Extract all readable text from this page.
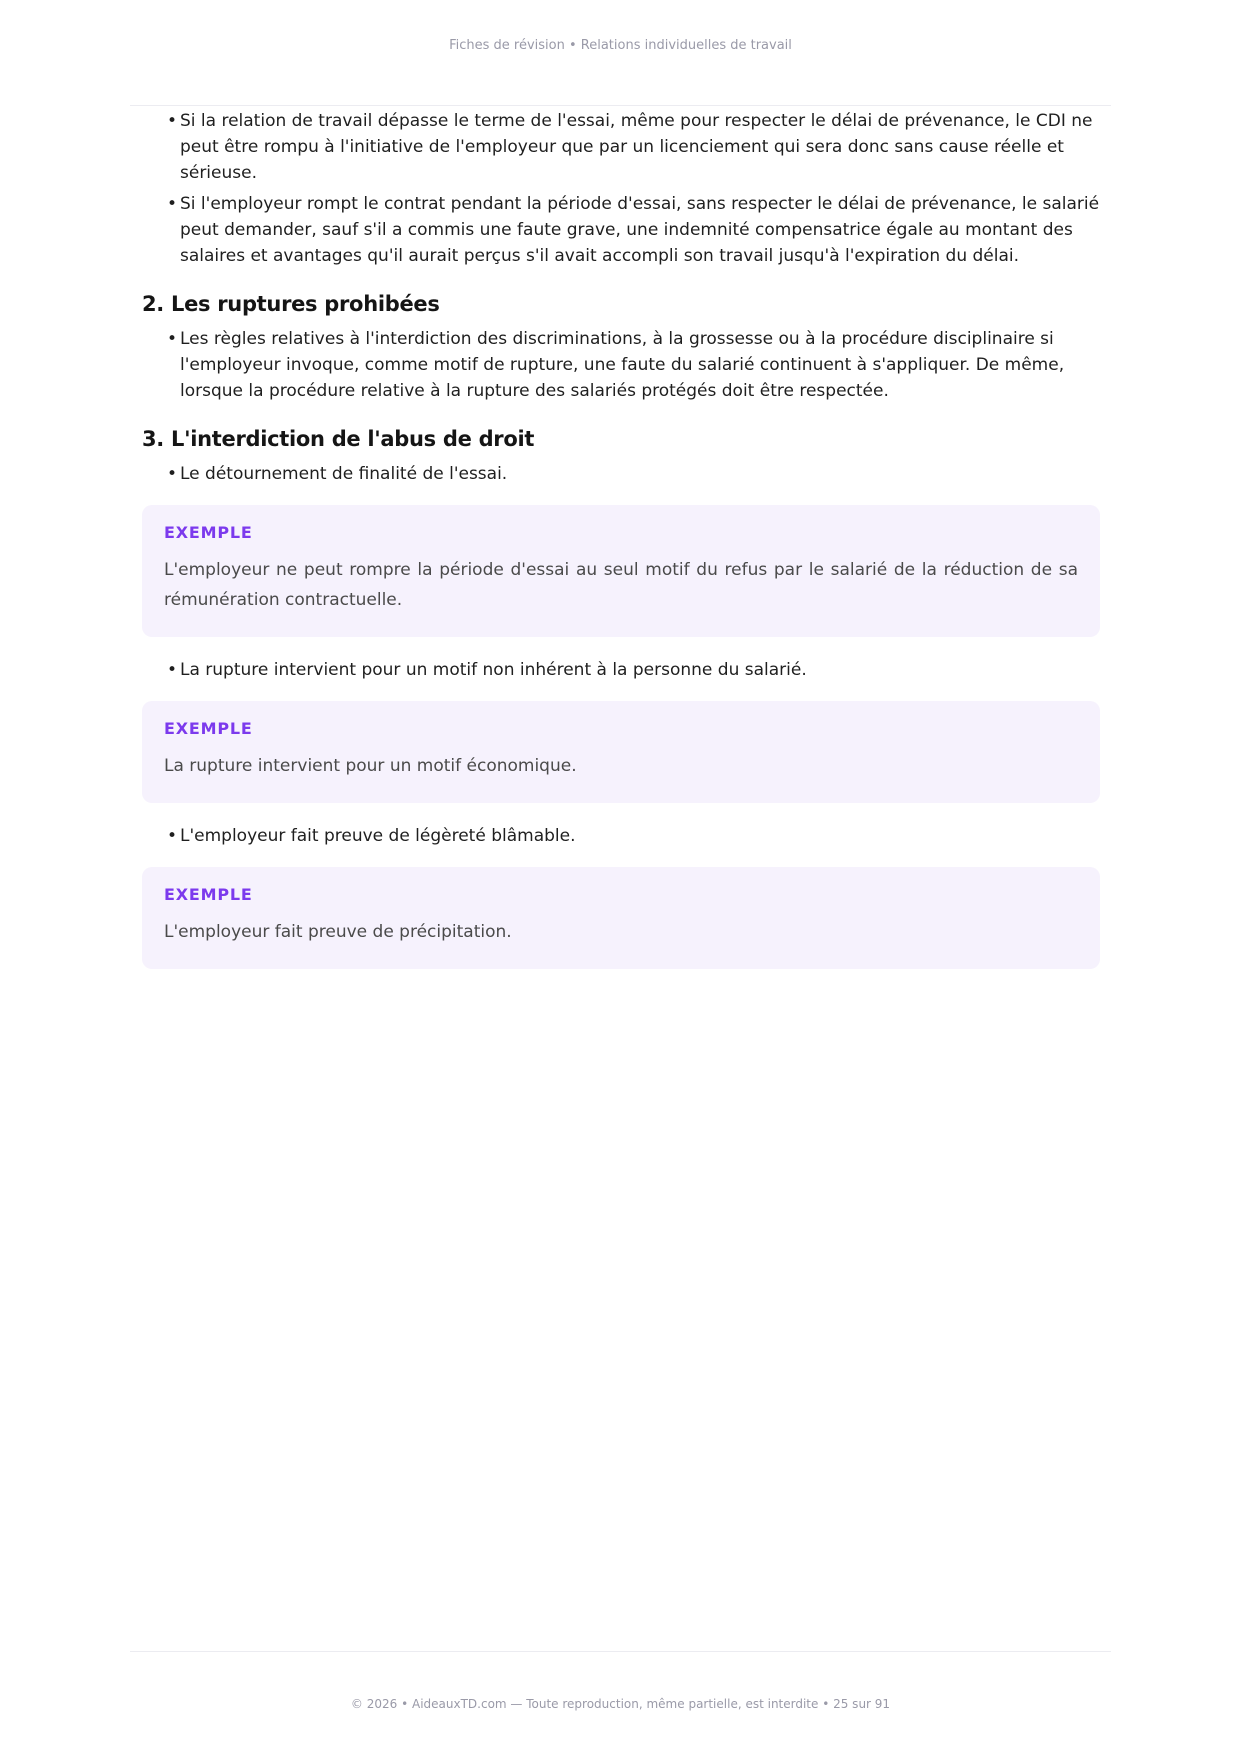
Fiches de révision • Relations individuelles de travail
• Si la relation de travail dépasse le terme de l'essai, même pour respecter le délai de prévenance, le CDI ne peut être rompu à l'initiative de l'employeur que par un licenciement qui sera donc sans cause réelle et sérieuse.
• Si l'employeur rompt le contrat pendant la période d'essai, sans respecter le délai de prévenance, le salarié peut demander, sauf s'il a commis une faute grave, une indemnité compensatrice égale au montant des salaires et avantages qu'il aurait perçus s'il avait accompli son travail jusqu'à l'expiration du délai.
2. Les ruptures prohibées
• Les règles relatives à l'interdiction des discriminations, à la grossesse ou à la procédure disciplinaire si l'employeur invoque, comme motif de rupture, une faute du salarié continuent à s'appliquer. De même, lorsque la procédure relative à la rupture des salariés protégés doit être respectée.
3. L'interdiction de l'abus de droit
• Le détournement de finalité de l'essai.
EXEMPLE
L'employeur ne peut rompre la période d'essai au seul motif du refus par le salarié de la réduction de sa rémunération contractuelle.
• La rupture intervient pour un motif non inhérent à la personne du salarié.
EXEMPLE
La rupture intervient pour un motif économique.
• L'employeur fait preuve de légèreté blâmable.
EXEMPLE
L'employeur fait preuve de précipitation.
© 2026 • AideauxTD.com — Toute reproduction, même partielle, est interdite • 25 sur 91
